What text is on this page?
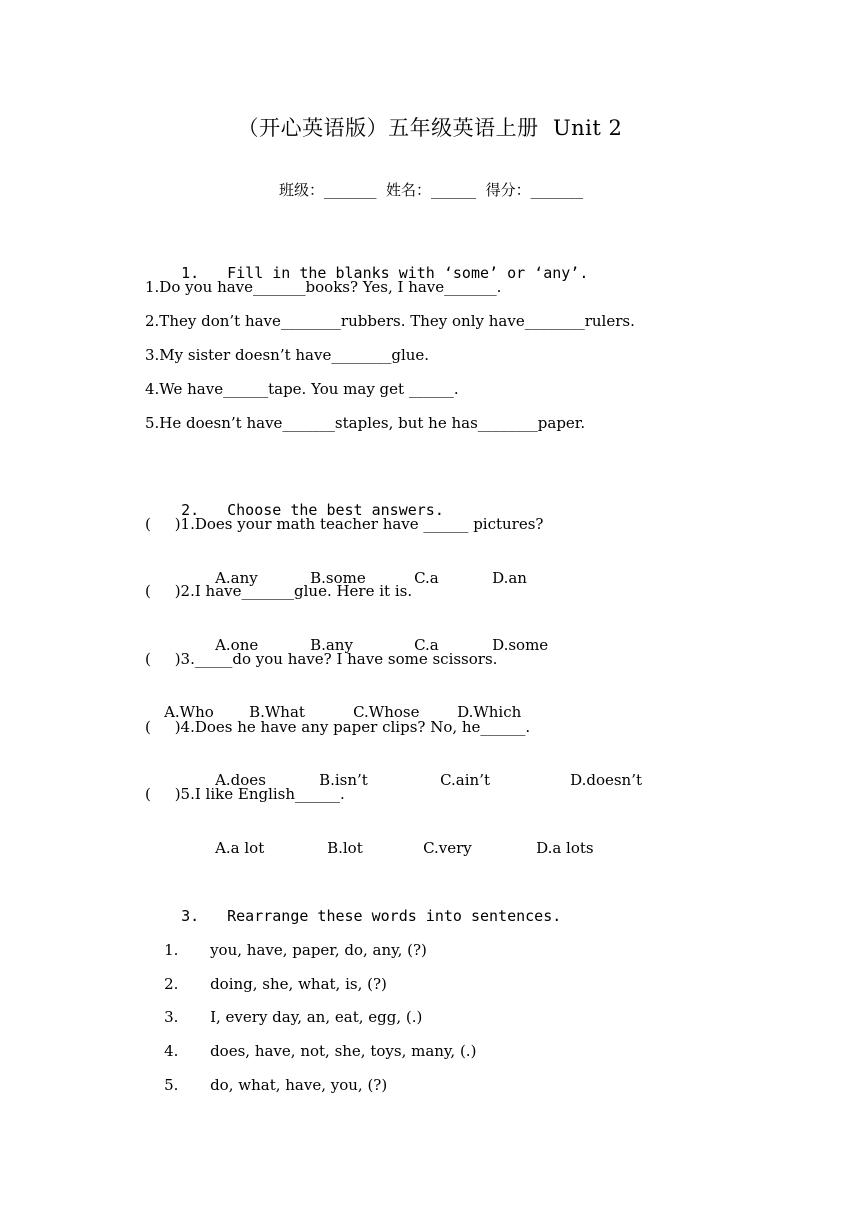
（开心英语版）五年级英语上册  Unit 2
班级：_______  姓名：______  得分：_______

1. Fill in the blanks with ‘some’ or ‘any’.

1.Do you have_______books? Yes, I have_______.
2.They don’t have________rubbers. They only have________rulers.
3.My sister doesn’t have________glue.
4.We have______tape. You may get ______.
5.He doesn’t have_______staples, but he has________paper.

2. Choose the best answers.

(     )1.Does your math teacher have ______ pictures?

A.any	B.some	C.a	D.an

(     )2.I have_______glue. Here it is.

A.one	B.any	C.a	D.some

(     )3._____do you have? I have some scissors.

A.Who B.What	C.Whose	D.Which

(     )4.Does he have any paper clips? No, he______.

A.does	B.isn’t	C.ain’t	D.doesn’t

(     )5.I like English______.

A.a lot	B.lot	C.very	D.a lots

3. Rearrange these words into sentences.

1. you, have, paper, do, any, (?)

2. doing, she, what, is, (?)

3. I, every day, an, eat, egg, (.)

4. does, have, not, she, toys, many, (.)

5. do, what, have, you, (?)
